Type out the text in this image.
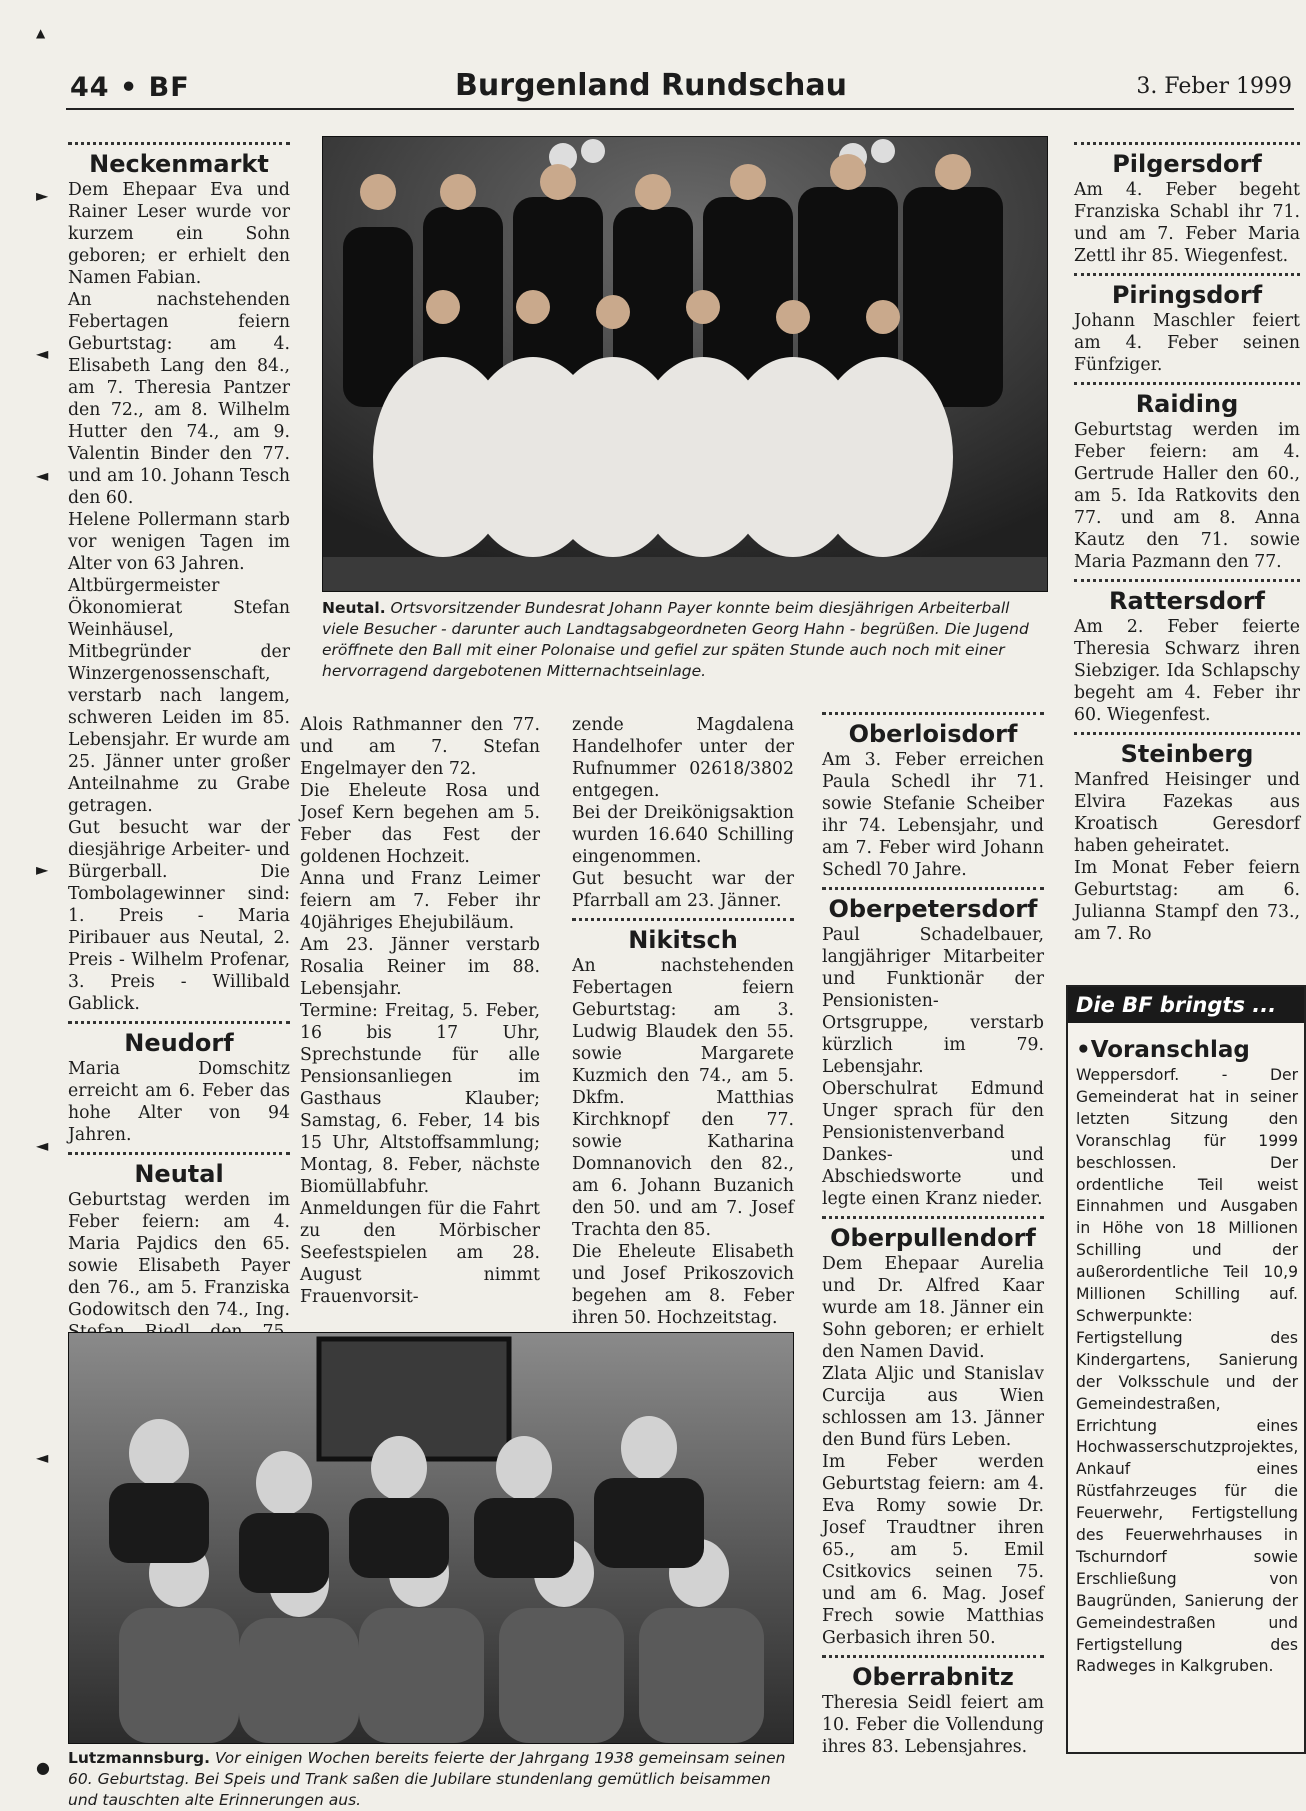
▲
►
◄
◄
►
◄
◄
●
44 • BF	Burgenland Rundschau	3. Feber 1999
Neckenmarkt

Dem Ehepaar Eva und Rainer Leser wurde vor kurzem ein Sohn geboren; er erhielt den Namen Fabian.

An nachstehenden Febertagen feiern Geburtstag: am 4. Elisabeth Lang den 84., am 7. Theresia Pantzer den 72., am 8. Wilhelm Hutter den 74., am 9. Valentin Binder den 77. und am 10. Johann Tesch den 60.

Helene Pollermann starb vor wenigen Tagen im Alter von 63 Jahren.

Altbürgermeister Ökonomierat Stefan Weinhäusel, Mitbegründer der Winzergenossenschaft, verstarb nach langem, schweren Leiden im 85. Lebensjahr. Er wurde am 25. Jänner unter großer Anteilnahme zu Grabe getragen.

Gut besucht war der diesjährige Arbeiter- und Bürgerball. Die Tombolagewinner sind: 1. Preis - Maria Piribauer aus Neutal, 2. Preis - Wilhelm Profenar, 3. Preis - Willibald Gablick.

Neudorf

Maria Domschitz erreicht am 6. Feber das hohe Alter von 94 Jahren.

Neutal

Geburtstag werden im Feber feiern: am 4. Maria Pajdics den 65. sowie Elisabeth Payer den 76., am 5. Franziska Godowitsch den 74., Ing.

Neutal. Ortsvorsitzender Bundesrat Johann Payer konnte beim diesjährigen Arbeiterball viele Besucher - darunter auch Landtagsabgeordneten Georg Hahn - begrüßen. Die Jugend eröffnete den Ball mit einer Polonaise und gefiel zur späten Stunde auch noch mit einer hervorragend dargebotenen Mitternachtseinlage.

Alois Rathmanner den 77. und am 7. Stefan Engelmayer den 72.

Die Eheleute Rosa und Josef Kern begehen am 5. Feber das Fest der goldenen Hochzeit.

Anna und Franz Leimer feiern am 7. Feber ihr 40jähriges Ehejubiläum.

Am 23. Jänner verstarb Rosalia Reiner im 88. Lebensjahr.

Termine: Freitag, 5. Feber, 16 bis 17 Uhr, Sprechstunde für alle Pensionsanliegen im Gasthaus Klauber; Samstag, 6. Feber, 14 bis 15 Uhr, Altstoffsammlung; Montag, 8. Feber, nächste Biomüllabfuhr.

Anmeldungen für die Fahrt zu den Mörbischer Seefestspielen am 28. August nimmt Frauenvorsit-

zende Magdalena Handelhofer unter der Rufnummer 02618/3802 entgegen.

Bei der Dreikönigsaktion wurden 16.640 Schilling eingenommen.

Gut besucht war der Pfarrball am 23. Jänner.

Nikitsch

An nachstehenden Febertagen feiern Geburtstag: am 3. Ludwig Blaudek den 55. sowie Margarete Kuzmich den 74., am 5. Dkfm. Matthias Kirchknopf den 77. sowie Katharina Domnanovich den 82., am 6. Johann Buzanich den 50. und am 7. Josef Trachta den 85.

Die Eheleute Elisabeth und Josef Prikoszovich begehen am 8. Feber ihren 50. Hochzeitstag.

Oberloisdorf

Am 3. Feber erreichen Paula Schedl ihr 71. sowie Stefanie Scheiber ihr 74. Lebensjahr, und am 7. Feber wird Johann Schedl 70 Jahre.

Oberpetersdorf

Paul Schadelbauer, langjähriger Mitarbeiter und Funktionär der Pensionisten-Ortsgruppe, verstarb kürzlich im 79. Lebensjahr. Oberschulrat Edmund Unger sprach für den Pensionistenverband Dankes- und Abschiedsworte und legte einen Kranz nieder.

Oberpullendorf

Dem Ehepaar Aurelia und Dr. Alfred Kaar wurde am 18. Jänner ein Sohn geboren; er erhielt den Namen David.

Zlata Aljic und Stanislav Curcija aus Wien schlossen am 13. Jänner den Bund fürs Leben.

Im Feber werden Geburtstag feiern: am 4. Eva Romy sowie Dr. Josef Traudtner ihren 65., am 5. Emil Csitkovics seinen 75. und am 6. Mag. Josef Frech sowie Matthias Gerbasich ihren 50.

Oberrabnitz

Theresia Seidl feiert am 10. Feber die Vollendung ihres 83. Lebensjahres.

Pilgersdorf

Am 4. Feber begeht Franziska Schabl ihr 71. und am 7. Feber Maria Zettl ihr 85. Wiegenfest.

Piringsdorf

Johann Maschler feiert am 4. Feber seinen Fünfziger.

Raiding

Geburtstag werden im Feber feiern: am 4. Gertrude Haller den 60., am 5. Ida Ratkovits den 77. und am 8. Anna Kautz den 71. sowie Maria Pazmann den 77.

Rattersdorf

Am 2. Feber feierte Theresia Schwarz ihren Siebziger. Ida Schlapschy begeht am 4. Feber ihr 60. Wiegenfest.

Steinberg

Manfred Heisinger und Elvira Fazekas aus Kroatisch Geresdorf haben geheiratet.

Im Monat Feber feiern Geburtstag: am 6. Julianna Stampf den 73., am 7. Ro

Die BF bringts ...
•Voranschlag
Weppersdorf. - Der Gemeinderat hat in seiner letzten Sitzung den Voranschlag für 1999 beschlossen. Der ordentliche Teil weist Einnahmen und Ausgaben in Höhe von 18 Millionen Schilling und der außerordentliche Teil 10,9 Millionen Schilling auf. Schwerpunkte: Fertigstellung des Kindergartens, Sanierung der Volksschule und der Gemeindestraßen, Errichtung eines Hochwasserschutzprojektes, Ankauf eines Rüstfahrzeuges für die Feuerwehr, Fertigstellung des Feuerwehrhauses in Tschurndorf sowie Erschließung von Baugründen, Sanierung der Gemeindestraßen und Fertigstellung des Radweges in Kalkgruben.
Lutzmannsburg. Vor einigen Wochen bereits feierte der Jahrgang 1938 gemeinsam seinen 60. Geburtstag. Bei Speis und Trank saßen die Jubilare stundenlang gemütlich beisammen und tauschten alte Erinnerungen aus.
